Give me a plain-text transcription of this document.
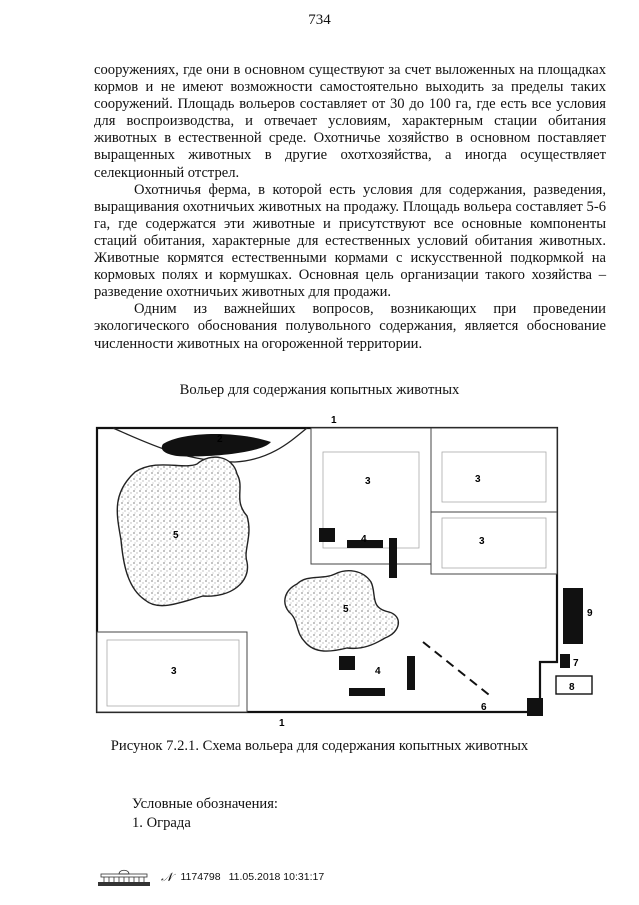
734

сооружениях, где они в основном существуют за счет выложенных на площадках кормов и не имеют возможности самостоятельно выходить за пределы таких сооружений. Площадь вольеров составляет от 30 до 100 га, где есть все условия для воспроизводства, и отвечает условиям, характерным стации обитания животных в естественной среде. Охотничье хозяйство в основном поставляет выращенных животных в другие охотхозяйства, а иногда осуществляет селекционный отстрел.

Охотничья ферма, в которой есть условия для содержания, разведения, выращивания охотничьих животных на продажу. Площадь вольера составляет 5-6 га, где содержатся эти животные и присутствуют все основные компоненты стаций обитания, характерные для естественных условий обитания животных. Животные кормятся естественными кормами с искусственной подкормкой на кормовых полях и кормушках. Основная цель организации такого хозяйства – разведение охотничьих животных для продажи.

Одним из важнейших вопросов, возникающих при проведении экологического обоснования полувольного содержания, является обоснование численности животных на огороженной территории.

Вольер для содержания копытных животных
1
1
2
3	3
3
3
4
4
5
5
6
7
8
9
Рисунок 7.2.1. Схема вольера для содержания копытных животных
Условные обозначения:
1. Ограда
𝒩 1174798 11.05.2018 10:31:17
